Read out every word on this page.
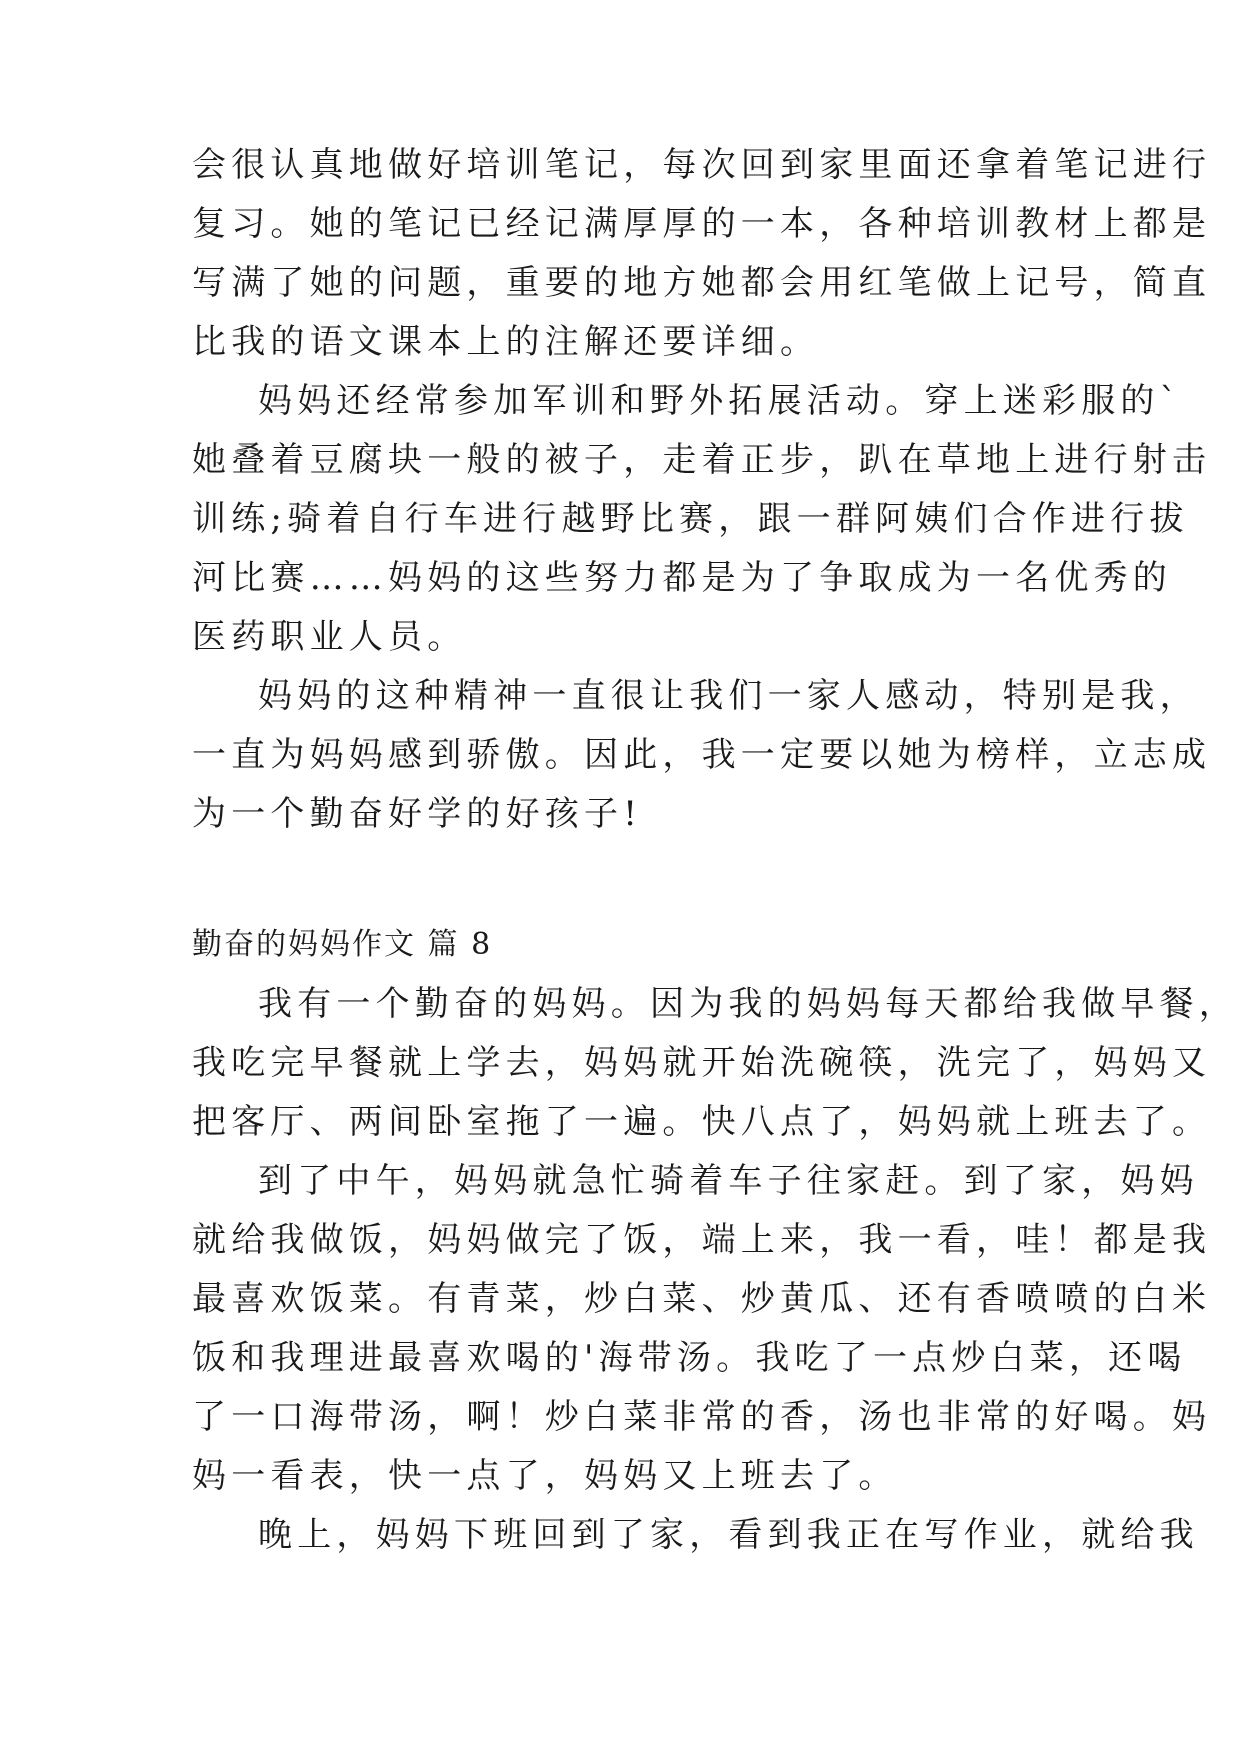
会很认真地做好培训笔记，每次回到家里面还拿着笔记进行
复习。她的笔记已经记满厚厚的一本，各种培训教材上都是
写满了她的问题，重要的地方她都会用红笔做上记号，简直
比我的语文课本上的注解还要详细。
妈妈还经常参加军训和野外拓展活动。穿上迷彩服的`
她叠着豆腐块一般的被子，走着正步，趴在草地上进行射击
训练;骑着自行车进行越野比赛，跟一群阿姨们合作进行拔
河比赛……妈妈的这些努力都是为了争取成为一名优秀的
医药职业人员。
妈妈的这种精神一直很让我们一家人感动，特别是我，
一直为妈妈感到骄傲。因此，我一定要以她为榜样，立志成
为一个勤奋好学的好孩子!
勤奋的妈妈作文 篇 8
我有一个勤奋的妈妈。因为我的妈妈每天都给我做早餐，
我吃完早餐就上学去，妈妈就开始洗碗筷，洗完了，妈妈又
把客厅、两间卧室拖了一遍。快八点了，妈妈就上班去了。
到了中午，妈妈就急忙骑着车子往家赶。到了家，妈妈
就给我做饭，妈妈做完了饭，端上来，我一看，哇！都是我
最喜欢饭菜。有青菜，炒白菜、炒黄瓜、还有香喷喷的白米
饭和我理进最喜欢喝的'海带汤。我吃了一点炒白菜，还喝
了一口海带汤，啊！炒白菜非常的香，汤也非常的好喝。妈
妈一看表，快一点了，妈妈又上班去了。
晚上，妈妈下班回到了家，看到我正在写作业，就给我
